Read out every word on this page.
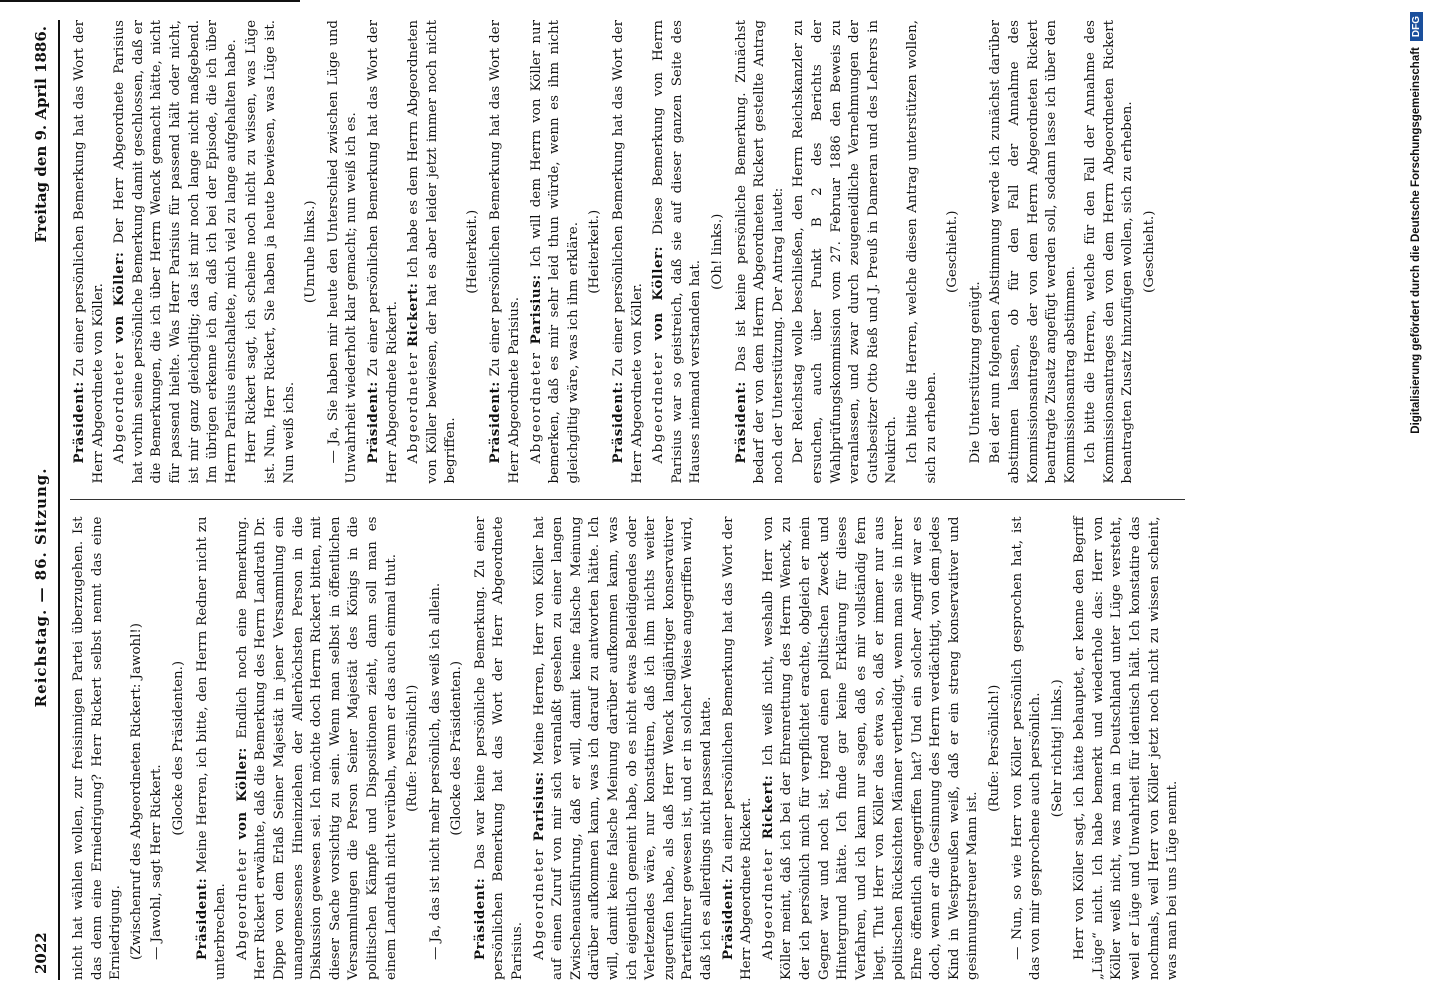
2022
Reichstag. — 86. Sitzung.
Freitag den 9. April 1886.

nicht hat wählen wollen, zur freisinnigen Partei überzugehen. Ist das denn eine Erniedrigung? Herr Rickert selbst nennt das eine Erniedrigung. (Zwischenruf des Abgeordneten Rickert: Jawohl!) — Jawohl, sagt Herr Rickert.

(Glocke des Präsidenten.)

Präsident: Meine Herren, ich bitte, den Herrn Redner nicht zu unterbrechen. Abgeordneter von Köller: Endlich noch eine Bemerkung. Herr Rickert erwähnte, daß die Bemerkung des Herrn Landrath Dr. Dippe von dem Erlaß Seiner Majestät in jener Versammlung ein unangemessenes Hineinziehen der Allerhöchsten Person in die Diskussion gewesen sei. Ich möchte doch Herrn Rickert bitten, mit dieser Sache vorsichtig zu sein. Wenn man selbst in öffentlichen Versammlungen die Person Seiner Majestät des Königs in die politischen Kämpfe und Dispositionen zieht, dann soll man es einem Landrath nicht verübeln, wenn er das auch einmal thut. (Rufe: Persönlich!) — Ja, das ist nicht mehr persönlich, das weiß ich allein. (Glocke des Präsidenten.)

Präsident: Das war keine persönliche Bemerkung. Zu einer persönlichen Bemerkung hat das Wort der Herr Abgeordnete Parisius. Abgeordneter Parisius: Meine Herren, Herr von Köller hat auf einen Zuruf von mir sich veranlaßt gesehen zu einer langen Zwischenausführung, daß er will, damit keine falsche Meinung darüber aufkommen kann, was ich darauf zu antworten hätte. Ich will, damit keine falsche Meinung darüber aufkommen kann, was ich eigentlich gemeint habe, ob es nicht etwas Beleidigendes oder Verletzendes wäre, nur konstatiren, daß ich ihm nichts weiter zugerufen habe, als daß Herr Wenck langjähriger konservativer Parteiführer gewesen ist, und er in solcher Weise angegriffen wird, daß ich es allerdings nicht passend hatte. Präsident: Zu einer persönlichen Bemerkung hat das Wort der Herr Abgeordnete Rickert. Abgeordneter Rickert: Ich weiß nicht, weshalb Herr von Köller meint, daß ich bei der Ehrenrettung des Herrn Wenck, zu der ich persönlich mich für verpflichtet erachte, obgleich er mein Gegner war und noch ist, irgend einen politischen Zweck und Hintergrund hätte. Ich finde gar keine Erklärung für dieses Verfahren, und ich kann nur sagen, daß es mir vollständig fern liegt. Thut Herr von Köller das etwa so, daß er immer nur aus politischen Rücksichten Männer vertheidigt, wenn man sie in ihrer Ehre öffentlich angegriffen hat? Und ein solcher Angriff war es doch, wenn er die Gesinnung des Herrn verdächtigt, von dem jedes Kind in Westpreußen weiß, daß er ein streng konservativer und gesinnungstreuer Mann ist.

(Rufe: Persönlich!) — Nun, so wie Herr von Köller persönlich gesprochen hat, ist das von mir gesprochene auch persönlich. (Sehr richtig! links.) Herr von Köller sagt, ich hätte behauptet, er kenne den Begriff „Lüge“ nicht. Ich habe bemerkt und wiederhole das: Herr von Köller weiß nicht, was man in Deutschland unter Lüge versteht, weil er Lüge und Unwahrheit für identisch hält. Ich konstatire das nochmals, weil Herr von Köller jetzt noch nicht zu wissen scheint, was man bei uns Lüge nennt.

Präsident: Zu einer persönlichen Bemerkung hat das Wort der Herr Abgeordnete von Köller. Abgeordneter von Köller: Der Herr Abgeordnete Parisius hat vorhin seine persönliche Bemerkung damit geschlossen, daß er die Bemerkungen, die ich über Herrn Wenck gemacht hätte, nicht für passend hielte. Was Herr Parisius für passend hält oder nicht, ist mir ganz gleichgiltig; das ist mir noch lange nicht maßgebend. Im übrigen erkenne ich an, daß ich bei der Episode, die ich über Herrn Parisius einschaltete, mich viel zu lange aufgehalten habe. Herr Rickert sagt, ich scheine noch nicht zu wissen, was Lüge ist. Nun, Herr Rickert, Sie haben ja heute bewiesen, was Lüge ist. Nun weiß ichs.

(Unruhe links.) — Ja, Sie haben mir heute den Unterschied zwischen Lüge und Unwahrheit wiederholt klar gemacht; nun weiß ich es. Präsident: Zu einer persönlichen Bemerkung hat das Wort der Herr Abgeordnete Rickert. Abgeordneter Rickert: Ich habe es dem Herrn Abgeordneten von Köller bewiesen, der hat es aber leider jetzt immer noch nicht begriffen.

(Heiterkeit.)

Präsident: Zu einer persönlichen Bemerkung hat das Wort der Herr Abgeordnete Parisius. Abgeordneter Parisius: Ich will dem Herrn von Köller nur bemerken, daß es mir sehr leid thun würde, wenn es ihm nicht gleichgiltig wäre, was ich ihm erkläre. (Heiterkeit.)

Präsident: Zu einer persönlichen Bemerkung hat das Wort der Herr Abgeordnete von Köller. Abgeordneter von Köller: Diese Bemerkung von Herrn Parisius war so geistreich, daß sie auf dieser ganzen Seite des Hauses niemand verstanden hat.

(Oh! links.)

Präsident: Das ist keine persönliche Bemerkung. Zunächst bedarf der von dem Herrn Abgeordneten Rickert gestellte Antrag noch der Unterstützung. Der Antrag lautet: Der Reichstag wolle beschließen, den Herrn Reichskanzler zu ersuchen, auch über Punkt B 2 des Berichts der Wahlprüfungskommission vom 27. Februar 1886 den Beweis zu veranlassen, und zwar durch zeugeneidliche Vernehmungen der Gutsbesitzer Otto Rieß und J. Preuß in Dameran und des Lehrers in Neukirch. Ich bitte die Herren, welche diesen Antrag unterstützen wollen, sich zu erheben.

(Geschieht.)

Die Unterstützung genügt. Bei der nun folgenden Abstimmung werde ich zunächst darüber abstimmen lassen, ob für den Fall der Annahme des Kommissionsantrages der von dem Herrn Abgeordneten Rickert beantragte Zusatz angefügt werden soll, sodann lasse ich über den Kommissionsantrag abstimmen. Ich bitte die Herren, welche für den Fall der Annahme des Kommissionsantrages den von dem Herrn Abgeordneten Rickert beantragten Zusatz hinzufügen wollen, sich zu erheben. (Geschieht.)	Digitalisierung gefördert durch die Deutsche Forschungsgemeinschaft
DFG
